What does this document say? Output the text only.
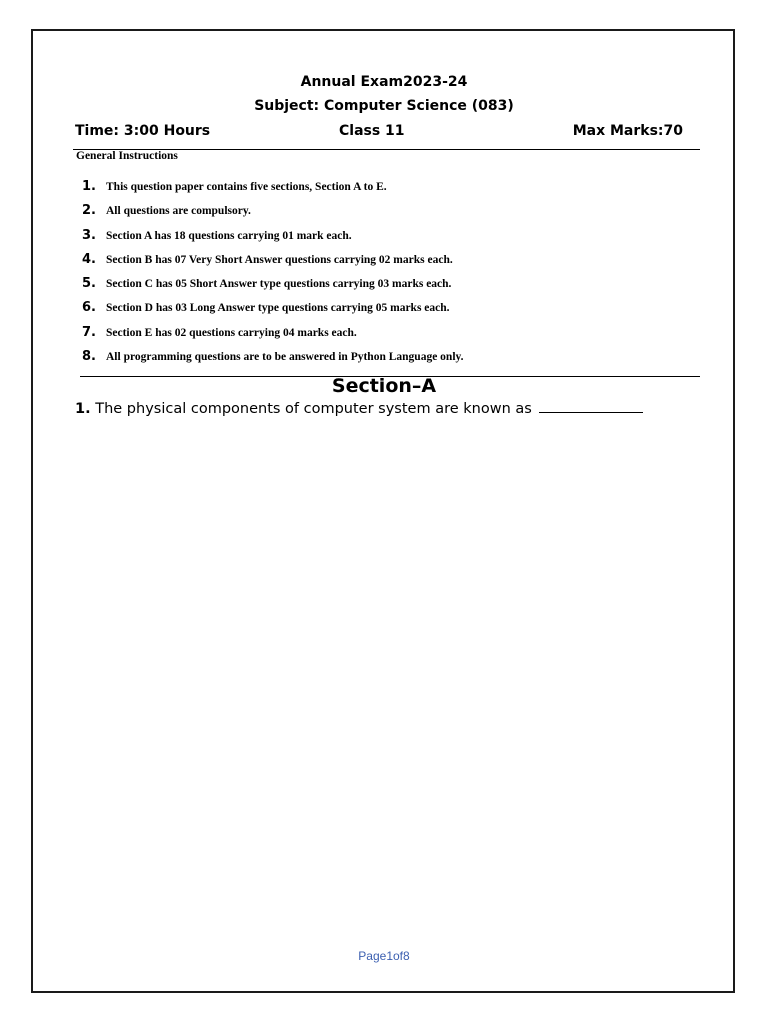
Annual Exam2023-24
Subject: Computer Science (083)
Time: 3:00 Hours	Class 11	Max Marks:70
General Instructions
1. This question paper contains five sections, Section A to E.
2. All questions are compulsory.
3. Section A has 18 questions carrying 01 mark each.
4. Section B has 07 Very Short Answer questions carrying 02 marks each.
5. Section C has 05 Short Answer type questions carrying 03 marks each.
6. Section D has 03 Long Answer type questions carrying 05 marks each.
7. Section E has 02 questions carrying 04 marks each.
8. All programming questions are to be answered in Python Language only.
Section–A
1. The physical components of computer system are known as
Page1of8
